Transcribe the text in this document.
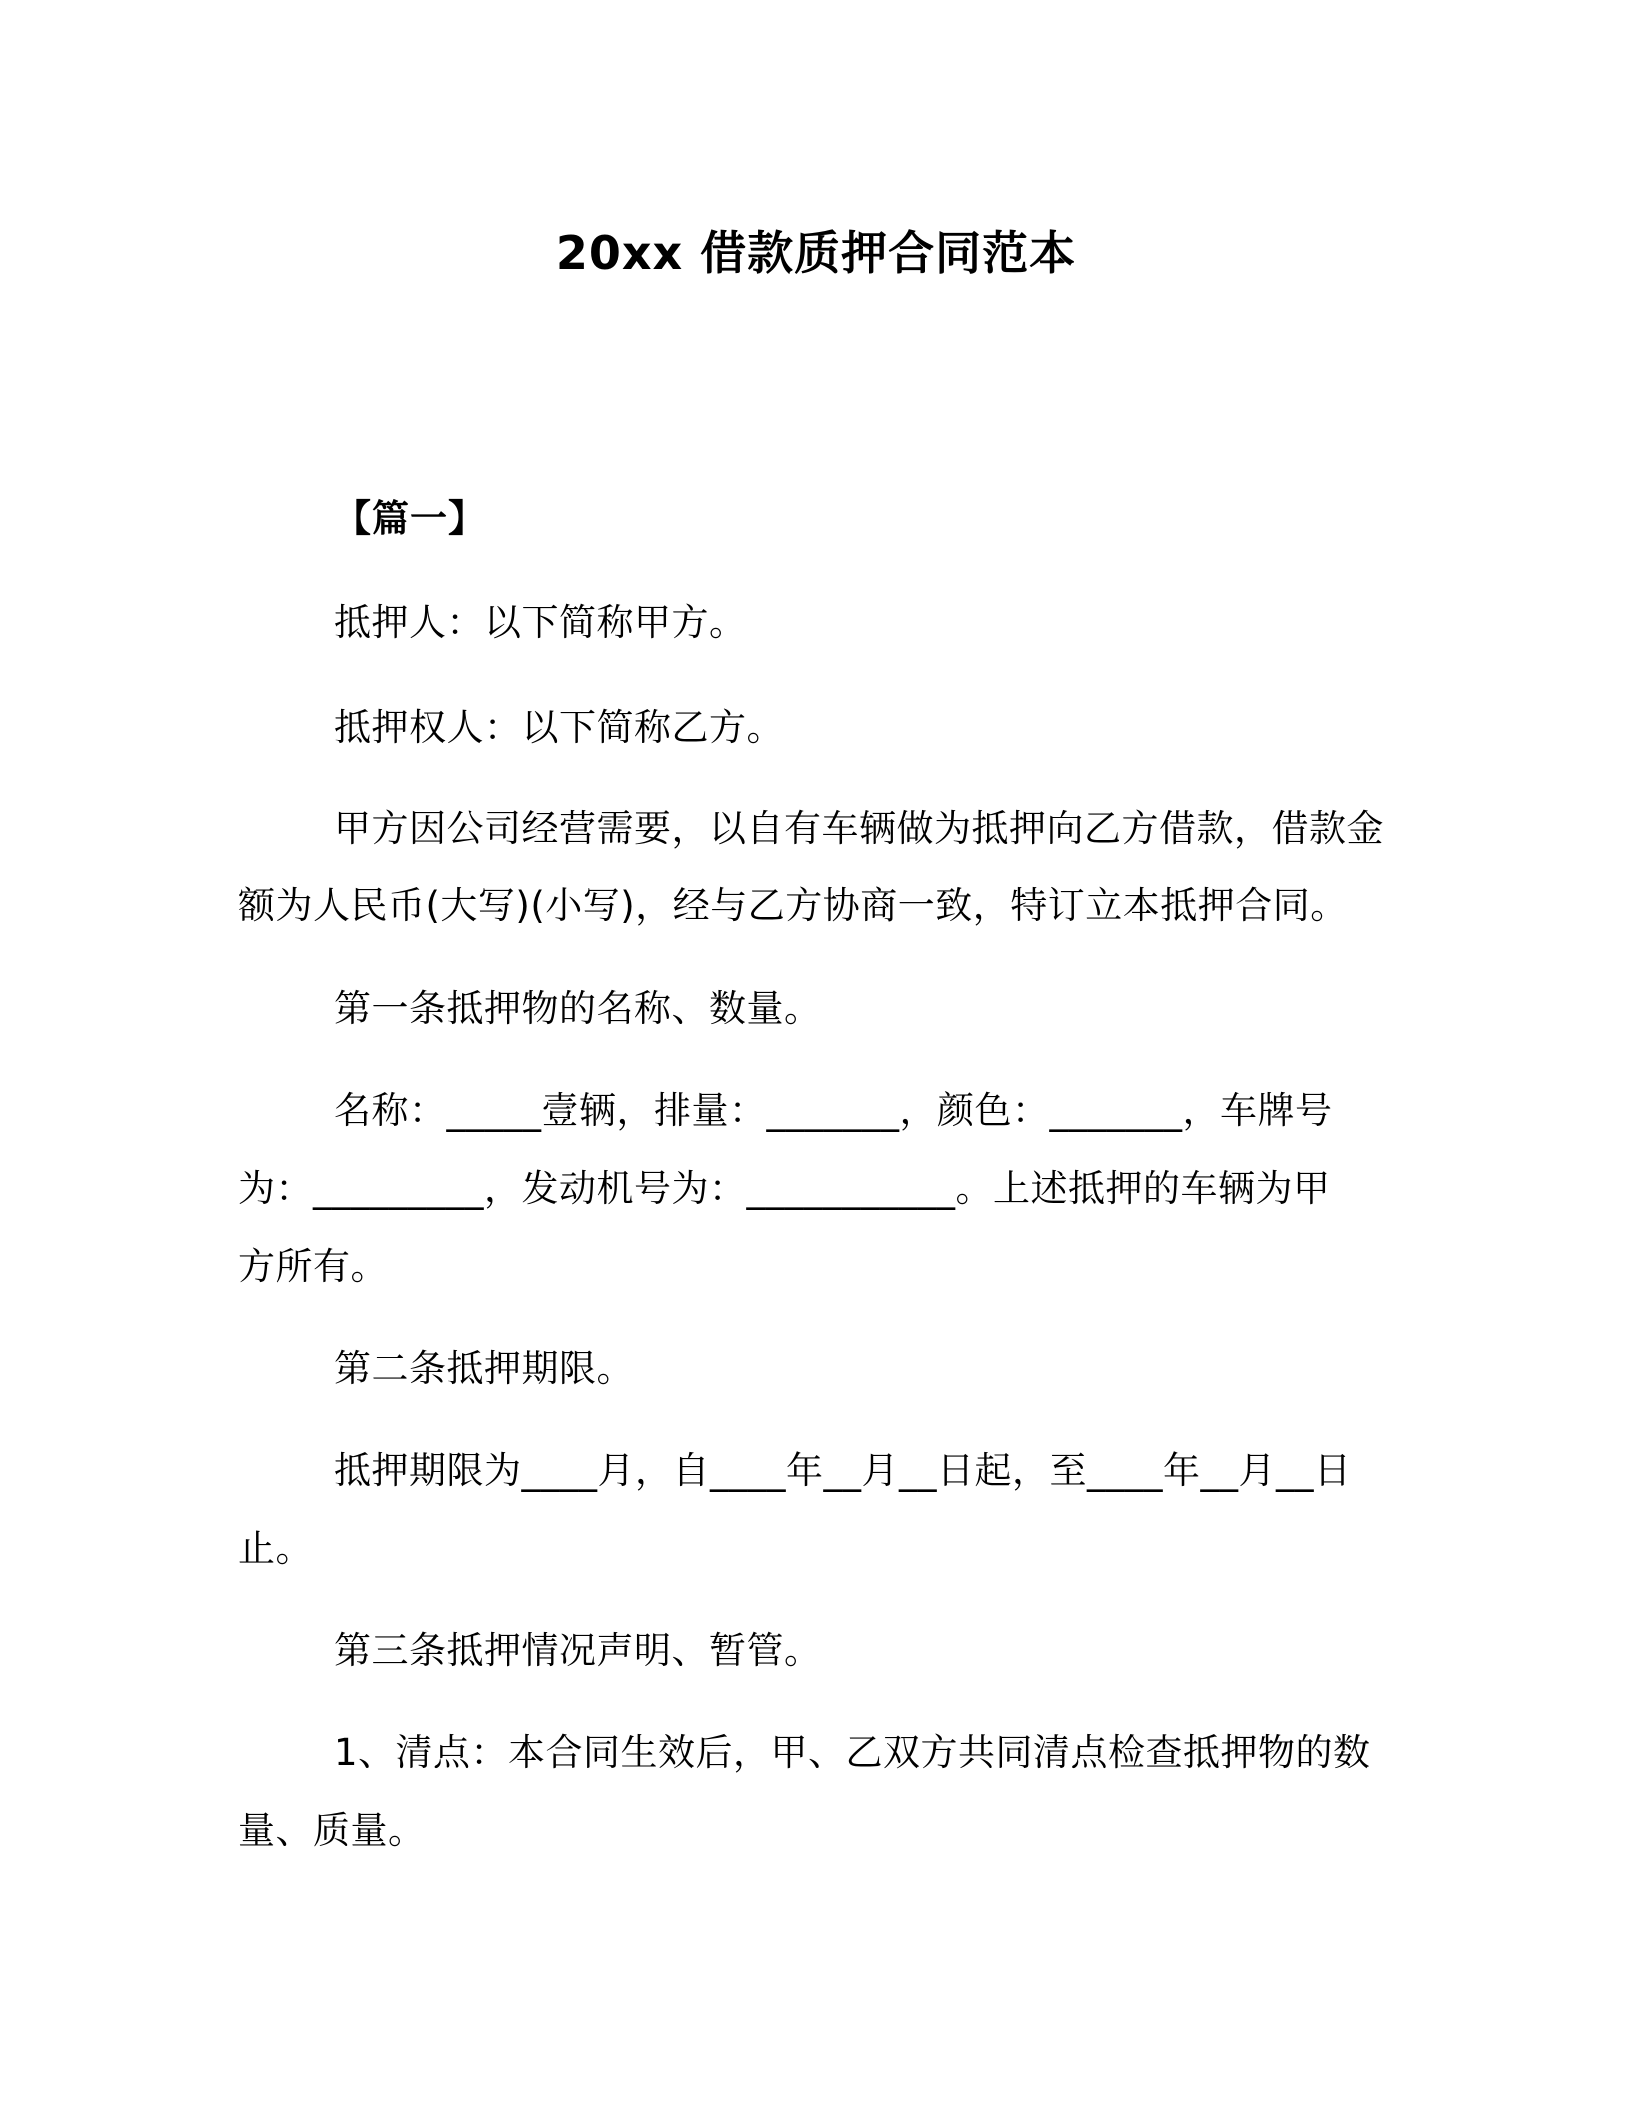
20xx 借款质押合同范本
【篇一】
抵押人：以下简称甲方。
抵押权人：以下简称乙方。
甲方因公司经营需要，以自有车辆做为抵押向乙方借款，借款金
额为人民币(大写)(小写)，经与乙方协商一致，特订立本抵押合同。
第一条抵押物的名称、数量。
名称：_____壹辆，排量：_______，颜色：_______，车牌号
为：_________，发动机号为：___________。上述抵押的车辆为甲
方所有。
第二条抵押期限。
抵押期限为____月，自____年__月__日起，至____年__月__日
止。
第三条抵押情况声明、暂管。
1、清点：本合同生效后，甲、乙双方共同清点检查抵押物的数
量、质量。
